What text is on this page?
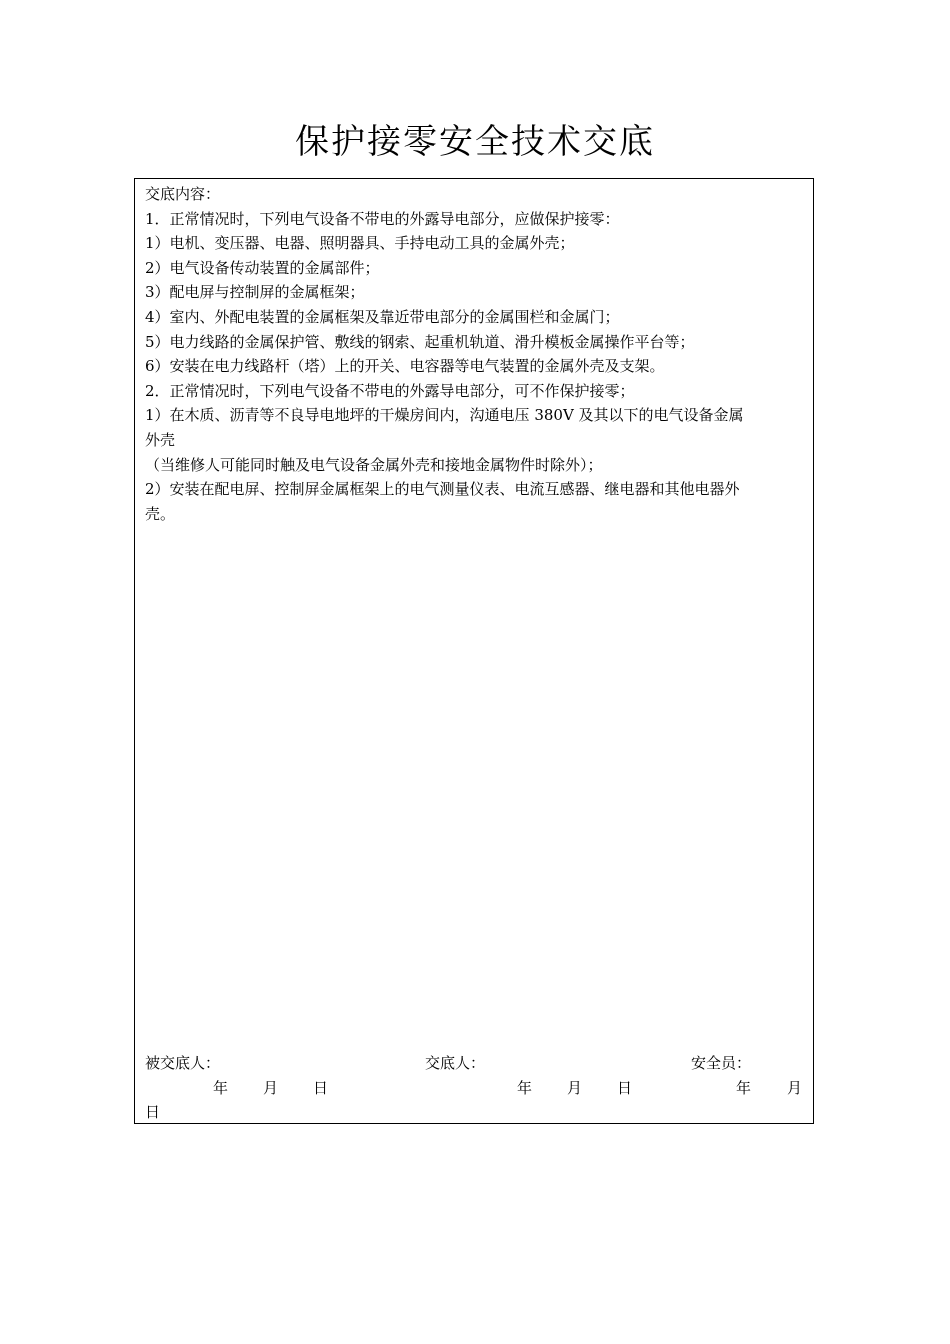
保护接零安全技术交底
交底内容：
1．正常情况时，下列电气设备不带电的外露导电部分，应做保护接零：
1）电机、变压器、电器、照明器具、手持电动工具的金属外壳；
2）电气设备传动装置的金属部件；
3）配电屏与控制屏的金属框架；
4）室内、外配电装置的金属框架及靠近带电部分的金属围栏和金属门；
5）电力线路的金属保护管、敷线的钢索、起重机轨道、滑升模板金属操作平台等；
6）安装在电力线路杆（塔）上的开关、电容器等电气装置的金属外壳及支架。
2．正常情况时，下列电气设备不带电的外露导电部分，可不作保护接零；
1）在木质、沥青等不良导电地坪的干燥房间内，沟通电压 380V 及其以下的电气设备金属
外壳
（当维修人可能同时触及电气设备金属外壳和接地金属物件时除外）；
2）安装在配电屏、控制屏金属框架上的电气测量仪表、电流互感器、继电器和其他电器外
壳。
被交底人：	交底人：	安全员：
年 月 日	年 月 日	年 月
日
